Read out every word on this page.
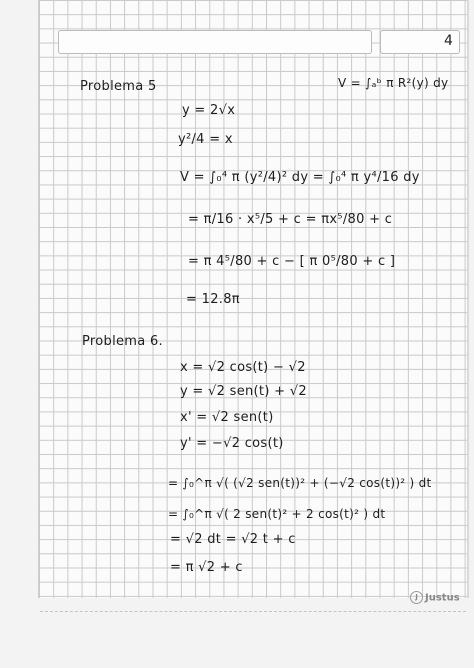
4
Problema 5	V = ∫ₐᵇ π R²(y) dy
y = 2√x
y²/4 = x
V = ∫₀⁴ π (y²/4)² dy = ∫₀⁴ π y⁴/16 dy
= π/16 · x⁵/5 + c = πx⁵/80 + c
= π 4⁵/80 + c − [ π 0⁵/80 + c ]
= 12.8π
Problema 6.
x = √2 cos(t) − √2
y = √2 sen(t) + √2
x' = √2 sen(t)
y' = −√2 cos(t)
= ∫₀^π √( (√2 sen(t))² + (−√2 cos(t))² ) dt
= ∫₀^π √( 2 sen(t)² + 2 cos(t)² ) dt
= √2 dt = √2 t + c
= π √2 + c
J Justus
